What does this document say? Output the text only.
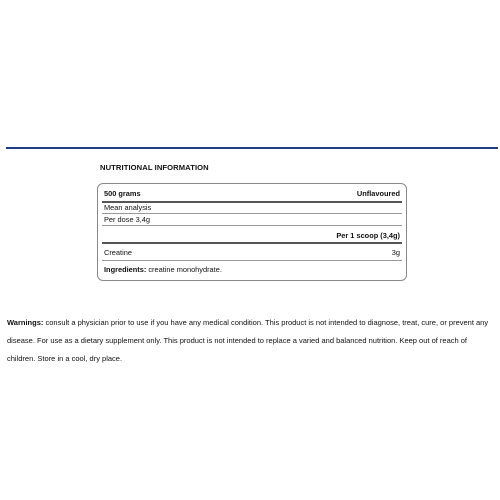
NUTRITIONAL INFORMATION
500 grams	Unflavoured
Mean analysis
Per dose 3,4g
Per 1 scoop (3,4g)
Creatine	3g
Ingredients: creatine monohydrate.
Warnings: consult a physician prior to use if you have any medical condition. This product is not intended to diagnose, treat, cure, or prevent any disease. For use as a dietary supplement only. This product is not intended to replace a varied and balanced nutrition. Keep out of reach of children. Store in a cool, dry place.
